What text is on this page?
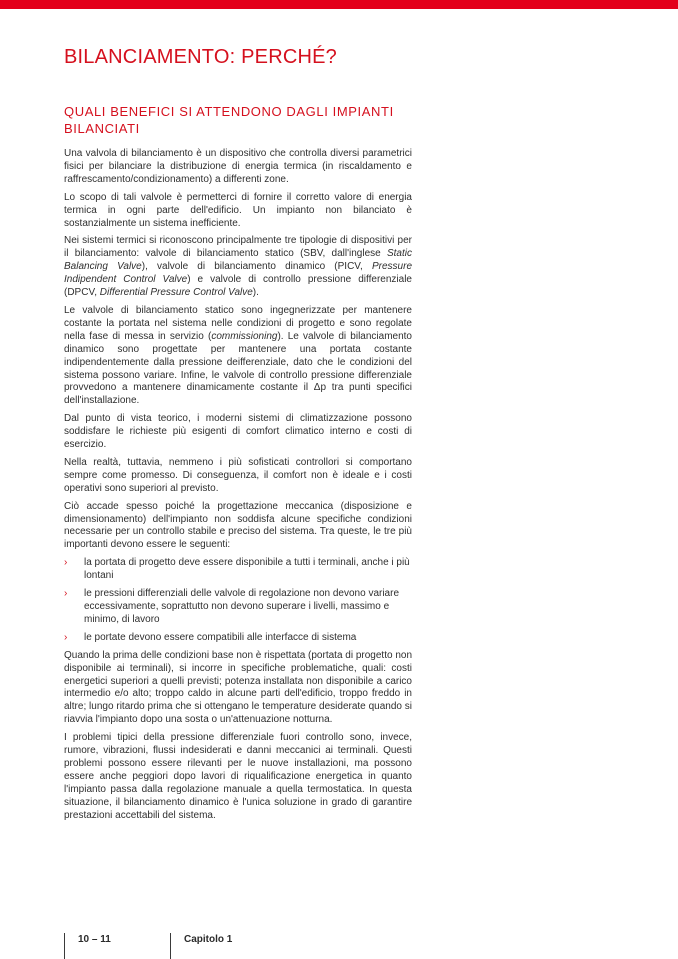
BILANCIAMENTO: PERCHÉ?
QUALI BENEFICI SI ATTENDONO DAGLI IMPIANTI BILANCIATI

Una valvola di bilanciamento è un dispositivo che controlla diversi parametrici fisici per bilanciare la distribuzione di energia termica (in riscaldamento e raffrescamento/condizionamento) a differenti zone.

Lo scopo di tali valvole è permetterci di fornire il corretto valore di energia termica in ogni parte dell'edificio. Un impianto non bilanciato è sostanzialmente un sistema inefficiente.

Nei sistemi termici si riconoscono principalmente tre tipologie di dispositivi per il bilanciamento: valvole di bilanciamento statico (SBV, dall'inglese Static Balancing Valve), valvole di bilanciamento dinamico (PICV, Pressure Indipendent Control Valve) e valvole di controllo pressione differenziale (DPCV, Differential Pressure Control Valve).

Le valvole di bilanciamento statico sono ingegnerizzate per mantenere costante la portata nel sistema nelle condizioni di progetto e sono regolate nella fase di messa in servizio (commissioning). Le valvole di bilanciamento dinamico sono progettate per mantenere una portata costante indipendentemente dalla pressione deifferenziale, dato che le condizioni del sistema possono variare. Infine, le valvole di controllo pressione differenziale provvedono a mantenere dinamicamente costante il Δp tra punti specifici dell'installazione.

Dal punto di vista teorico, i moderni sistemi di climatizzazione possono soddisfare le richieste più esigenti di comfort climatico interno e costi di esercizio.

Nella realtà, tuttavia, nemmeno i più sofisticati controllori si comportano sempre come promesso. Di conseguenza, il comfort non è ideale e i costi operativi sono superiori al previsto.

Ciò accade spesso poiché la progettazione meccanica (disposizione e dimensionamento) dell'impianto non soddisfa alcune specifiche condizioni necessarie per un controllo stabile e preciso del sistema. Tra queste, le tre più importanti devono essere le seguenti:

› la portata di progetto deve essere disponibile a tutti i terminali, anche i più lontani
› le pressioni differenziali delle valvole di regolazione non devono variare eccessivamente, soprattutto non devono superare i livelli, massimo e minimo, di lavoro
› le portate devono essere compatibili alle interfacce di sistema

Quando la prima delle condizioni base non è rispettata (portata di progetto non disponibile ai terminali), si incorre in specifiche problematiche, quali: costi energetici superiori a quelli previsti; potenza installata non disponibile a carico intermedio e/o alto; troppo caldo in alcune parti dell'edificio, troppo freddo in altre; lungo ritardo prima che si ottengano le temperature desiderate quando si riavvia l'impianto dopo una sosta o un'attenuazione notturna.

I problemi tipici della pressione differenziale fuori controllo sono, invece, rumore, vibrazioni, flussi indesiderati e danni meccanici ai terminali. Questi problemi possono essere rilevanti per le nuove installazioni, ma possono essere anche peggiori dopo lavori di riqualificazione energetica in quanto l'impianto passa dalla regolazione manuale a quella termostatica. In questa situazione, il bilanciamento dinamico è l'unica soluzione in grado di garantire prestazioni accettabili del sistema.

10 – 11	Capitolo 1
